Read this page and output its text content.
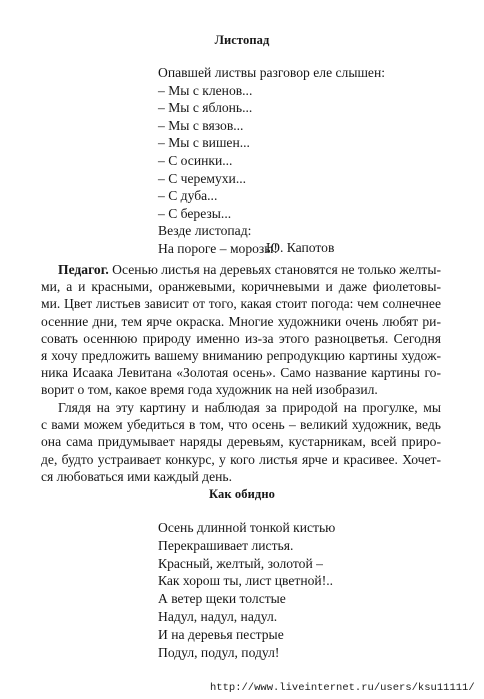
Листопад
Опавшей листвы разговор еле слышен:
– Мы с кленов...
– Мы с яблонь...
– Мы с вязов...
– Мы с вишен...
– С осинки...
– С черемухи...
– С дуба...
– С березы...
Везде листопад:
На пороге – морозы!
Ю. Капотов
Педагог. Осенью листья на деревьях становятся не только желты-
ми, а и красными, оранжевыми, коричневыми и даже фиолетовы-
ми. Цвет листьев зависит от того, какая стоит погода: чем солнечнее
осенние дни, тем ярче окраска. Многие художники очень любят ри-
совать осеннюю природу именно из-за этого разноцветья. Сегодня
я хочу предложить вашему вниманию репродукцию картины худож-
ника Исаака Левитана «Золотая осень». Само название картины го-
ворит о том, какое время года художник на ней изобразил.
Глядя на эту картину и наблюдая за природой на прогулке, мы
с вами можем убедиться в том, что осень – великий художник, ведь
она сама придумывает наряды деревьям, кустарникам, всей приро-
де, будто устраивает конкурс, у кого листья ярче и красивее. Хочет-
ся любоваться ими каждый день.
Как обидно
Осень длинной тонкой кистью
Перекрашивает листья.
Красный, желтый, золотой –
Как хорош ты, лист цветной!..
А ветер щеки толстые
Надул, надул, надул.
И на деревья пестрые
Подул, подул, подул!
http://www.liveinternet.ru/users/ksu11111/
